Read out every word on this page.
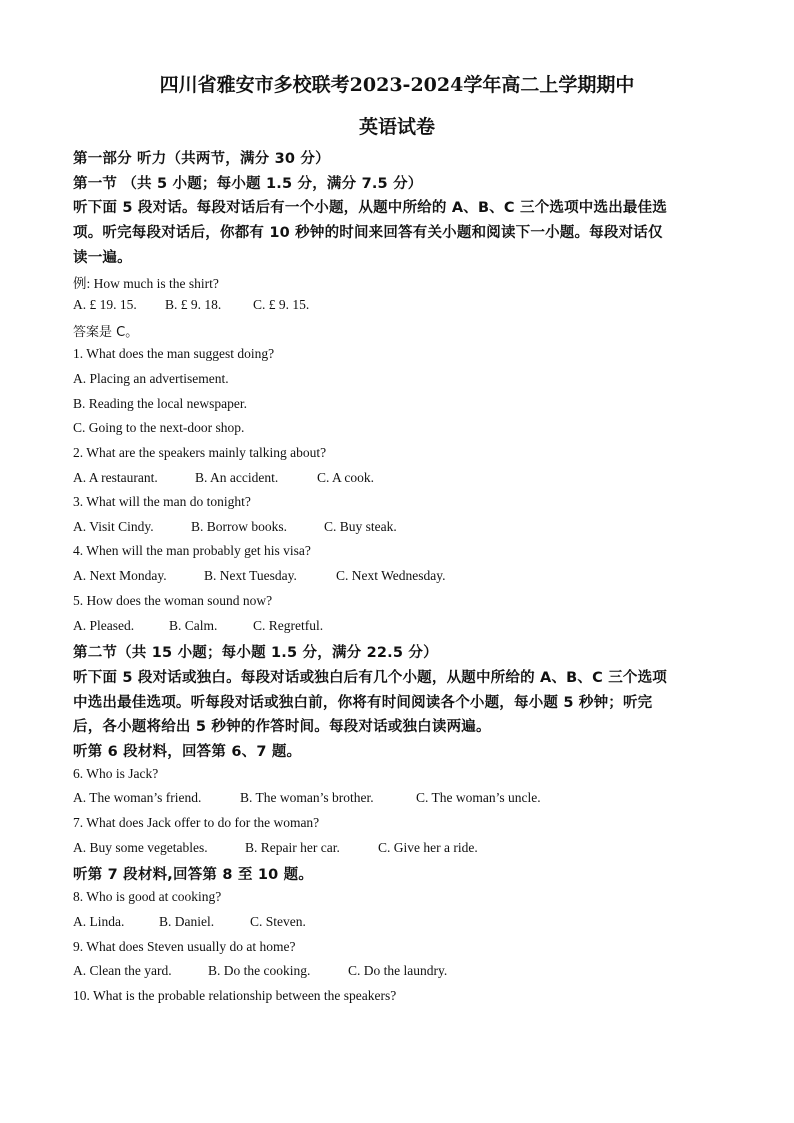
四川省雅安市多校联考2023-2024学年高二上学期期中
英语试卷
第一部分 听力（共两节，满分 30 分）
第一节 （共 5 小题；每小题 1.5 分，满分 7.5 分）
听下面 5 段对话。每段对话后有一个小题，从题中所给的 A、B、C 三个选项中选出最佳选
项。听完每段对话后，你都有 10 秒钟的时间来回答有关小题和阅读下一小题。每段对话仅
读一遍。
例: How much is the shirt?
A. £ 19. 15. B. £ 9. 18. C. £ 9. 15.
答案是 C。
1. What does the man suggest doing?
A. Placing an advertisement.
B. Reading the local newspaper.
C. Going to the next-door shop.
2. What are the speakers mainly talking about?
A. A restaurant.	B. An accident.	C. A cook.
3. What will the man do tonight?
A. Visit Cindy.	B. Borrow books.	C. Buy steak.
4. When will the man probably get his visa?
A. Next Monday.	B. Next Tuesday.	C. Next Wednesday.
5. How does the woman sound now?
A. Pleased.	B. Calm.	C. Regretful.
第二节（共 15 小题；每小题 1.5 分，满分 22.5 分）
听下面 5 段对话或独白。每段对话或独白后有几个小题，从题中所给的 A、B、C 三个选项
中选出最佳选项。听每段对话或独白前，你将有时间阅读各个小题，每小题 5 秒钟；听完
后，各小题将给出 5 秒钟的作答时间。每段对话或独白读两遍。
听第 6 段材料，回答第 6、7 题。
6. Who is Jack?
A. The woman’s friend.	B. The woman’s brother.	C. The woman’s uncle.
7. What does Jack offer to do for the woman?
A. Buy some vegetables.	B. Repair her car.	C. Give her a ride.
听第 7 段材料,回答第 8 至 10 题。
8. Who is good at cooking?
A. Linda.	B. Daniel.	C. Steven.
9. What does Steven usually do at home?
A. Clean the yard.	B. Do the cooking.	C. Do the laundry.
10. What is the probable relationship between the speakers?
